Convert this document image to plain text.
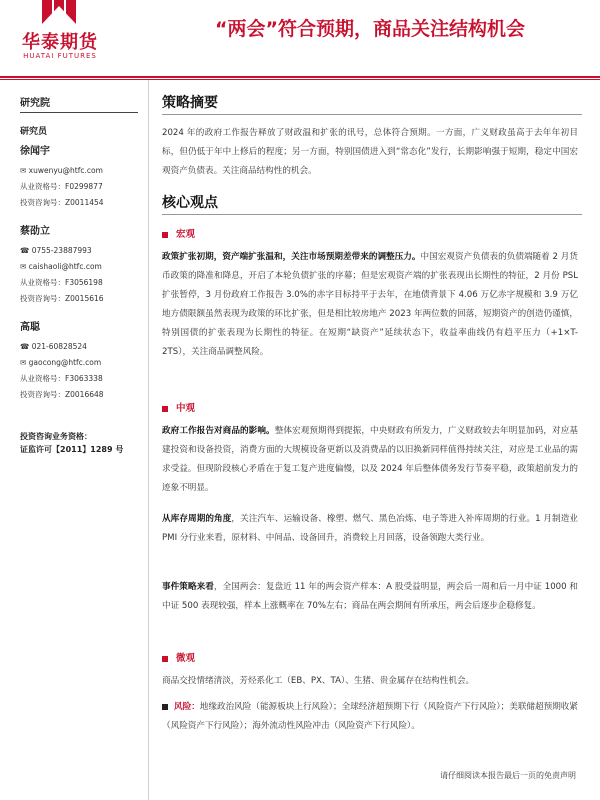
华泰期货
HUATAI FUTURES
“两会”符合预期，商品关注结构机会
研究院
研究员
徐闻宇
✉ xuwenyu@htfc.com
从业资格号：F0299877
投资咨询号：Z0011454
蔡劭立
☎ 0755-23887993
✉ caishaoli@htfc.com
从业资格号：F3056198
投资咨询号：Z0015616
高聪
☎ 021-60828524
✉ gaocong@htfc.com
从业资格号：F3063338
投资咨询号：Z0016648
投资咨询业务资格：
证监许可【2011】1289 号
策略摘要
2024 年的政府工作报告释放了财政温和扩张的讯号，总体符合预期。一方面，广义财政虽高于去年年初目标，但仍低于年中上修后的程度；另一方面，特别国债进入到“常态化”发行，长期影响强于短期，稳定中国宏观资产负债表。关注商品结构性的机会。
核心观点
宏观
政策扩张初期，资产端扩张温和，关注市场预期差带来的调整压力。中国宏观资产负债表的负债端随着 2 月货币政策的降准和降息，开启了本轮负债扩张的序幕；但是宏观资产端的扩张表现出长期性的特征，2 月份 PSL 扩张暂停，3 月份政府工作报告 3.0%的赤字目标持平于去年，在地债背景下 4.06 万亿赤字规模和 3.9 万亿地方债限额虽然表现为政策的环比扩张，但是相比较房地产 2023 年两位数的回落，短期资产的创造仍谨慎，特别国债的扩张表现为长期性的特征。在短期“缺资产”延续状态下，收益率曲线仍有趋平压力（+1×T-2TS），关注商品调整风险。
中观
政府工作报告对商品的影响。整体宏观预期得到提振，中央财政有所发力，广义财政较去年明显加码，对应基建投资和设备投资，消费方面的大规模设备更新以及消费品的以旧换新同样值得持续关注，对应是工业品的需求受益。但现阶段核心矛盾在于复工复产进度偏慢，以及 2024 年后整体债务发行节奏平稳，政策超前发力的迹象不明显。
从库存周期的角度，关注汽车、运输设备、橡塑、燃气、黑色冶炼、电子等进入补库周期的行业。1 月制造业 PMI 分行业来看，原材料、中间品、设备回升，消费较上月回落，设备领跑大类行业。
事件策略来看，全国两会：复盘近 11 年的两会资产样本：A 股受益明显，两会后一周和后一月中证 1000 和中证 500 表现较强，样本上涨概率在 70%左右；商品在两会期间有所承压，两会后逐步企稳修复。
微观
商品交投情绪清淡，芳烃系化工（EB、PX、TA）、生猪、贵金属存在结构性机会。
风险：地缘政治风险（能源板块上行风险）；全球经济超预期下行（风险资产下行风险）；美联储超预期收紧（风险资产下行风险）；海外流动性风险冲击（风险资产下行风险）。
请仔细阅读本报告最后一页的免责声明
